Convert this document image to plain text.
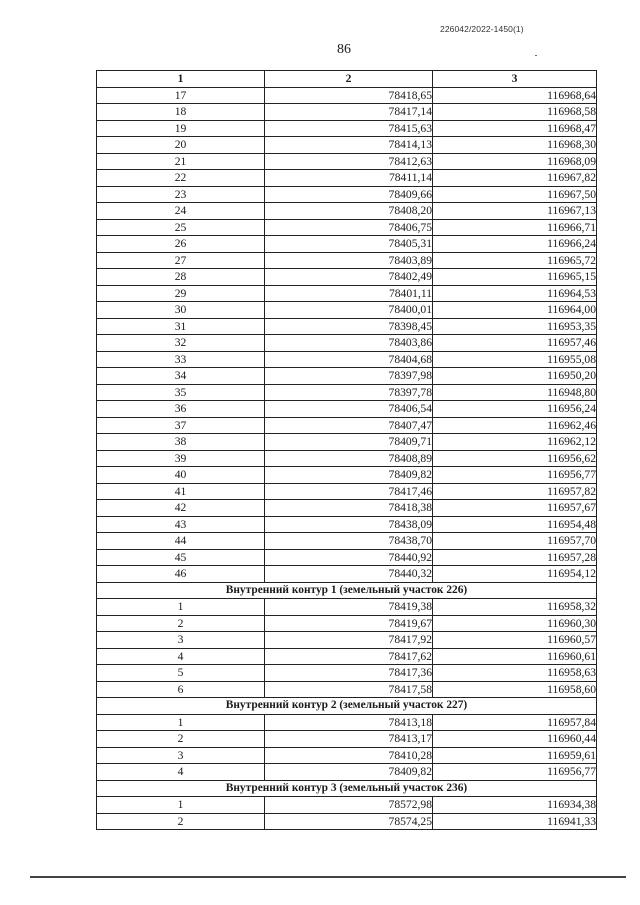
226042/2022-1450(1)
86
1	2	3
17	78418,65	116968,64
18	78417,14	116968,58
19	78415,63	116968,47
20	78414,13	116968,30
21	78412,63	116968,09
22	78411,14	116967,82
23	78409,66	116967,50
24	78408,20	116967,13
25	78406,75	116966,71
26	78405,31	116966,24
27	78403,89	116965,72
28	78402,49	116965,15
29	78401,11	116964,53
30	78400,01	116964,00
31	78398,45	116953,35
32	78403,86	116957,46
33	78404,68	116955,08
34	78397,98	116950,20
35	78397,78	116948,80
36	78406,54	116956,24
37	78407,47	116962,46
38	78409,71	116962,12
39	78408,89	116956,62
40	78409,82	116956,77
41	78417,46	116957,82
42	78418,38	116957,67
43	78438,09	116954,48
44	78438,70	116957,70
45	78440,92	116957,28
46	78440,32	116954,12
Внутренний контур 1 (земельный участок 226)		
1	78419,38	116958,32
2	78419,67	116960,30
3	78417,92	116960,57
4	78417,62	116960,61
5	78417,36	116958,63
6	78417,58	116958,60
Внутренний контур 2 (земельный участок 227)		
1	78413,18	116957,84
2	78413,17	116960,44
3	78410,28	116959,61
4	78409,82	116956,77
Внутренний контур 3 (земельный участок 236)		
1	78572,98	116934,38
2	78574,25	116941,33
